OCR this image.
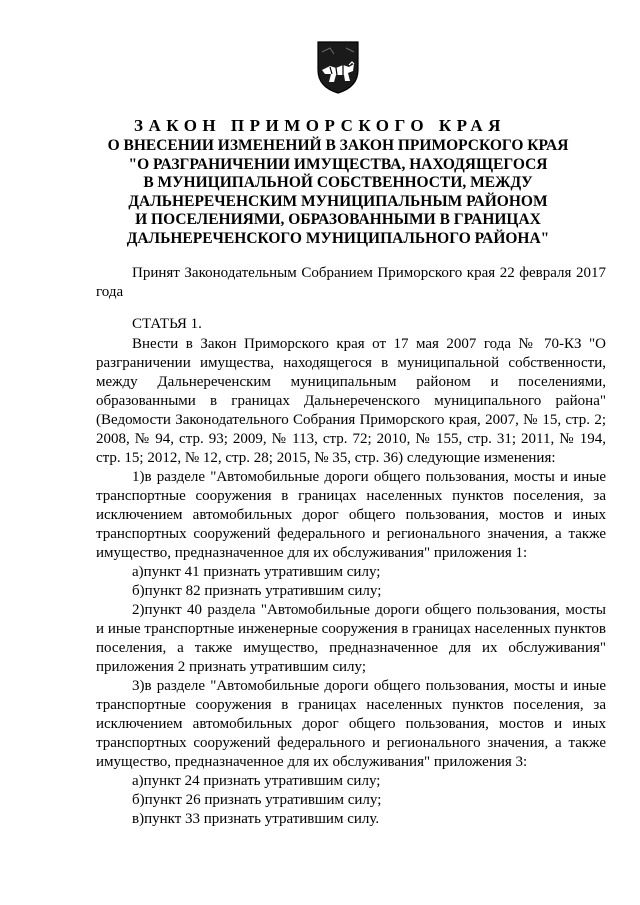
ЗАКОН ПРИМОРСКОГО КРАЯ
О ВНЕСЕНИИ ИЗМЕНЕНИЙ В ЗАКОН ПРИМОРСКОГО КРАЯ
"О РАЗГРАНИЧЕНИИ ИМУЩЕСТВА, НАХОДЯЩЕГОСЯ
В МУНИЦИПАЛЬНОЙ СОБСТВЕННОСТИ, МЕЖДУ
ДАЛЬНЕРЕЧЕНСКИМ МУНИЦИПАЛЬНЫМ РАЙОНОМ
И ПОСЕЛЕНИЯМИ, ОБРАЗОВАННЫМИ В ГРАНИЦАХ
ДАЛЬНЕРЕЧЕНСКОГО МУНИЦИПАЛЬНОГО РАЙОНА"

Принят Законодательным Собранием Приморского края 22 февраля 2017 года

СТАТЬЯ 1.

Внести в Закон Приморского края от 17 мая 2007 года № 70-КЗ "О разграничении имущества, находящегося в муниципальной собственности, между Дальнереченским муниципальным районом и поселениями, образованными в границах Дальнереченского муниципального района" (Ведомости Законодательного Собрания Приморского края, 2007, № 15, стр. 2; 2008, № 94, стр. 93; 2009, № 113, стр. 72; 2010, № 155, стр. 31; 2011, № 194, стр. 15; 2012, № 12, стр. 28; 2015, № 35, стр. 36) следующие изменения:

1)в разделе "Автомобильные дороги общего пользования, мосты и иные транспортные сооружения в границах населенных пунктов поселения, за исключением автомобильных дорог общего пользования, мостов и иных транспортных сооружений федерального и регионального значения, а также имущество, предназначенное для их обслуживания" приложения 1:

а)пункт 41 признать утратившим силу;

б)пункт 82 признать утратившим силу;

2)пункт 40 раздела "Автомобильные дороги общего пользования, мосты и иные транспортные инженерные сооружения в границах населенных пунктов поселения, а также имущество, предназначенное для их обслуживания" приложения 2 признать утратившим силу;

3)в разделе "Автомобильные дороги общего пользования, мосты и иные транспортные сооружения в границах населенных пунктов поселения, за исключением автомобильных дорог общего пользования, мостов и иных транспортных сооружений федерального и регионального значения, а также имущество, предназначенное для их обслуживания" приложения 3:

а)пункт 24 признать утратившим силу;

б)пункт 26 признать утратившим силу;

в)пункт 33 признать утратившим силу.
